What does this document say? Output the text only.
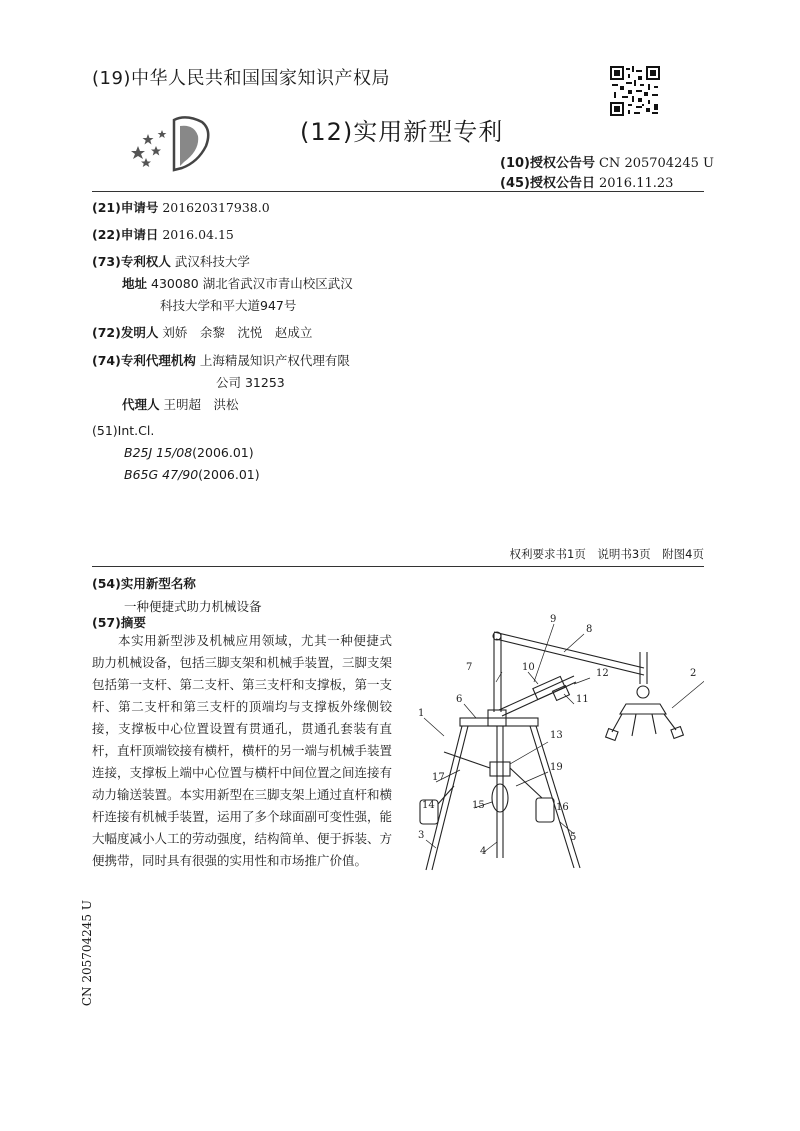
(19)中华人民共和国国家知识产权局
(12)实用新型专利
(10)授权公告号 CN 205704245 U
(45)授权公告日 2016.11.23
(21)申请号 201620317938.0
(22)申请日 2016.04.15
(73)专利权人 武汉科技大学
地址 430080 湖北省武汉市青山校区武汉
科技大学和平大道947号
(72)发明人 刘娇　余黎　沈悦　赵成立
(74)专利代理机构 上海精晟知识产权代理有限
公司 31253
代理人 王明超　洪松
(51)Int.Cl.
B25J 15/08(2006.01)
B65G 47/90(2006.01)
权利要求书1页　说明书3页　附图4页
(54)实用新型名称
一种便捷式助力机械设备
(57)摘要
本实用新型涉及机械应用领域，尤其一种便捷式助力机械设备，包括三脚支架和机械手装置，三脚支架包括第一支杆、第二支杆、第三支杆和支撑板，第一支杆、第二支杆和第三支杆的顶端均与支撑板外缘侧铰接，支撑板中心位置设置有贯通孔，贯通孔套装有直杆，直杆顶端铰接有横杆，横杆的另一端与机械手装置连接，支撑板上端中心位置与横杆中间位置之间连接有动力输送装置。本实用新型在三脚支架上通过直杆和横杆连接有机械手装置，运用了多个球面副可变性强，能大幅度减小人工的劳动强度，结构简单、便于拆装、方便携带，同时具有很强的实用性和市场推广价值。
CN 205704245 U
9
8
7	10
12	2
11
1
6
13
17
19
14	16
15
3	5
4
